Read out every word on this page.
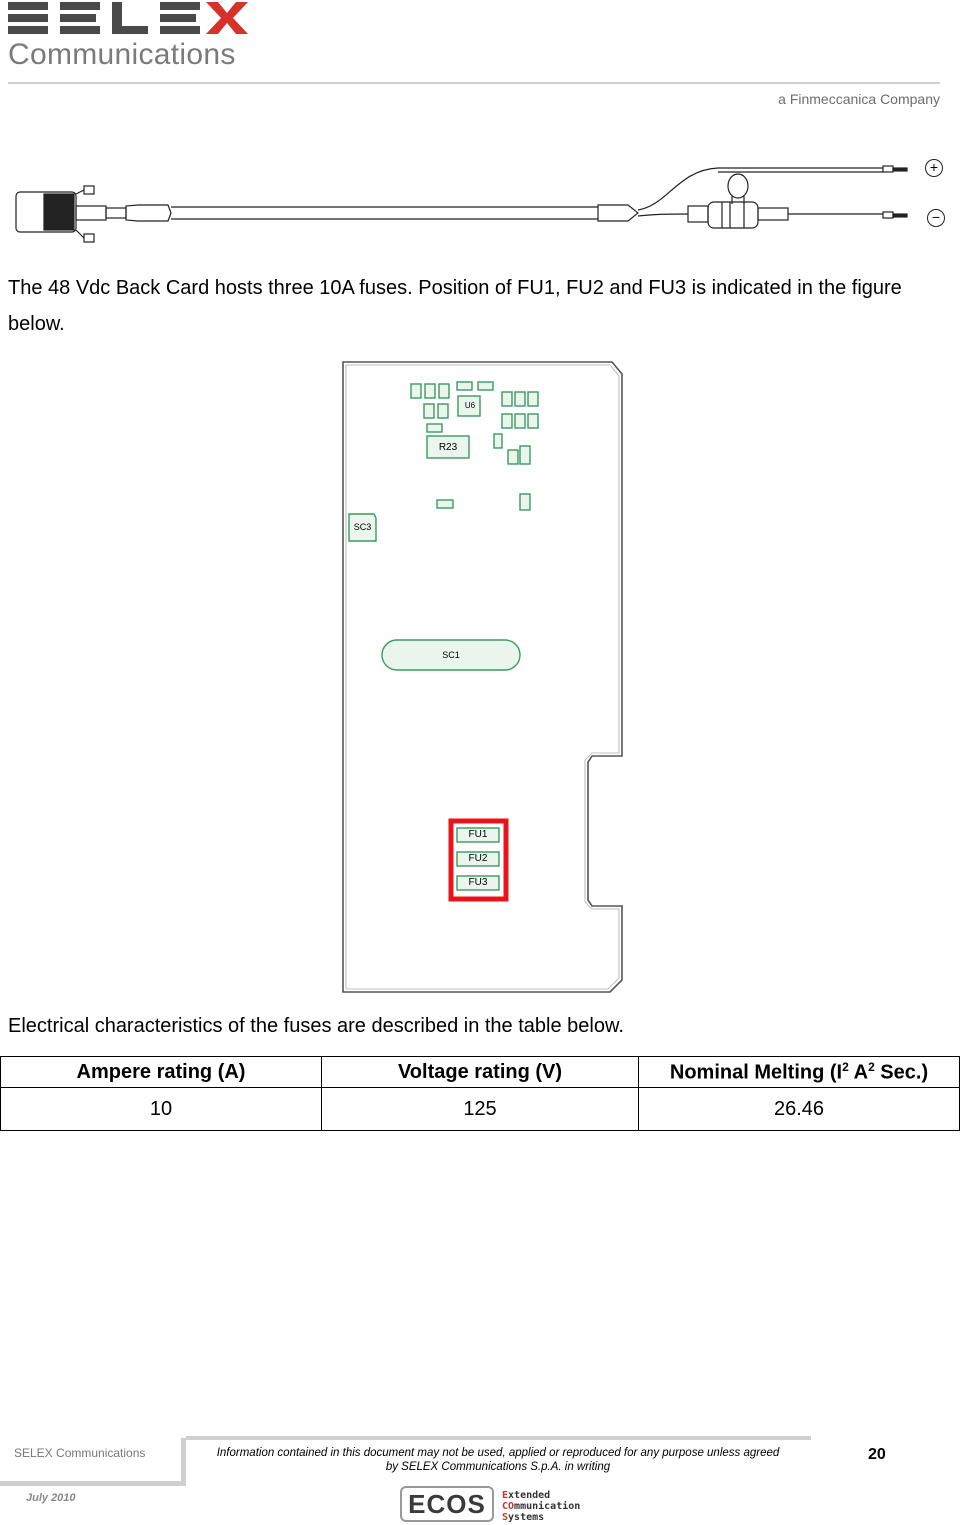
Communications
a Finmeccanica Company
+
−
The 48 Vdc Back Card hosts three 10A fuses. Position of FU1, FU2 and FU3 is indicated in the figure below.
U6
R23
SC3
SC1
FU1
FU2
FU3
Electrical characteristics of the fuses are described in the table below.
Ampere rating (A)	Voltage rating (V)	Nominal Melting ($I^2$ $A^2$ Sec.)
10	125	26.46
SELEX Communications	Information contained in this document may not be used, applied or reproduced for any purpose unless agreed
by SELEX Communications S.p.A. in writing
20
July 2010	ECOS	Extended
COmmunication
Systems
